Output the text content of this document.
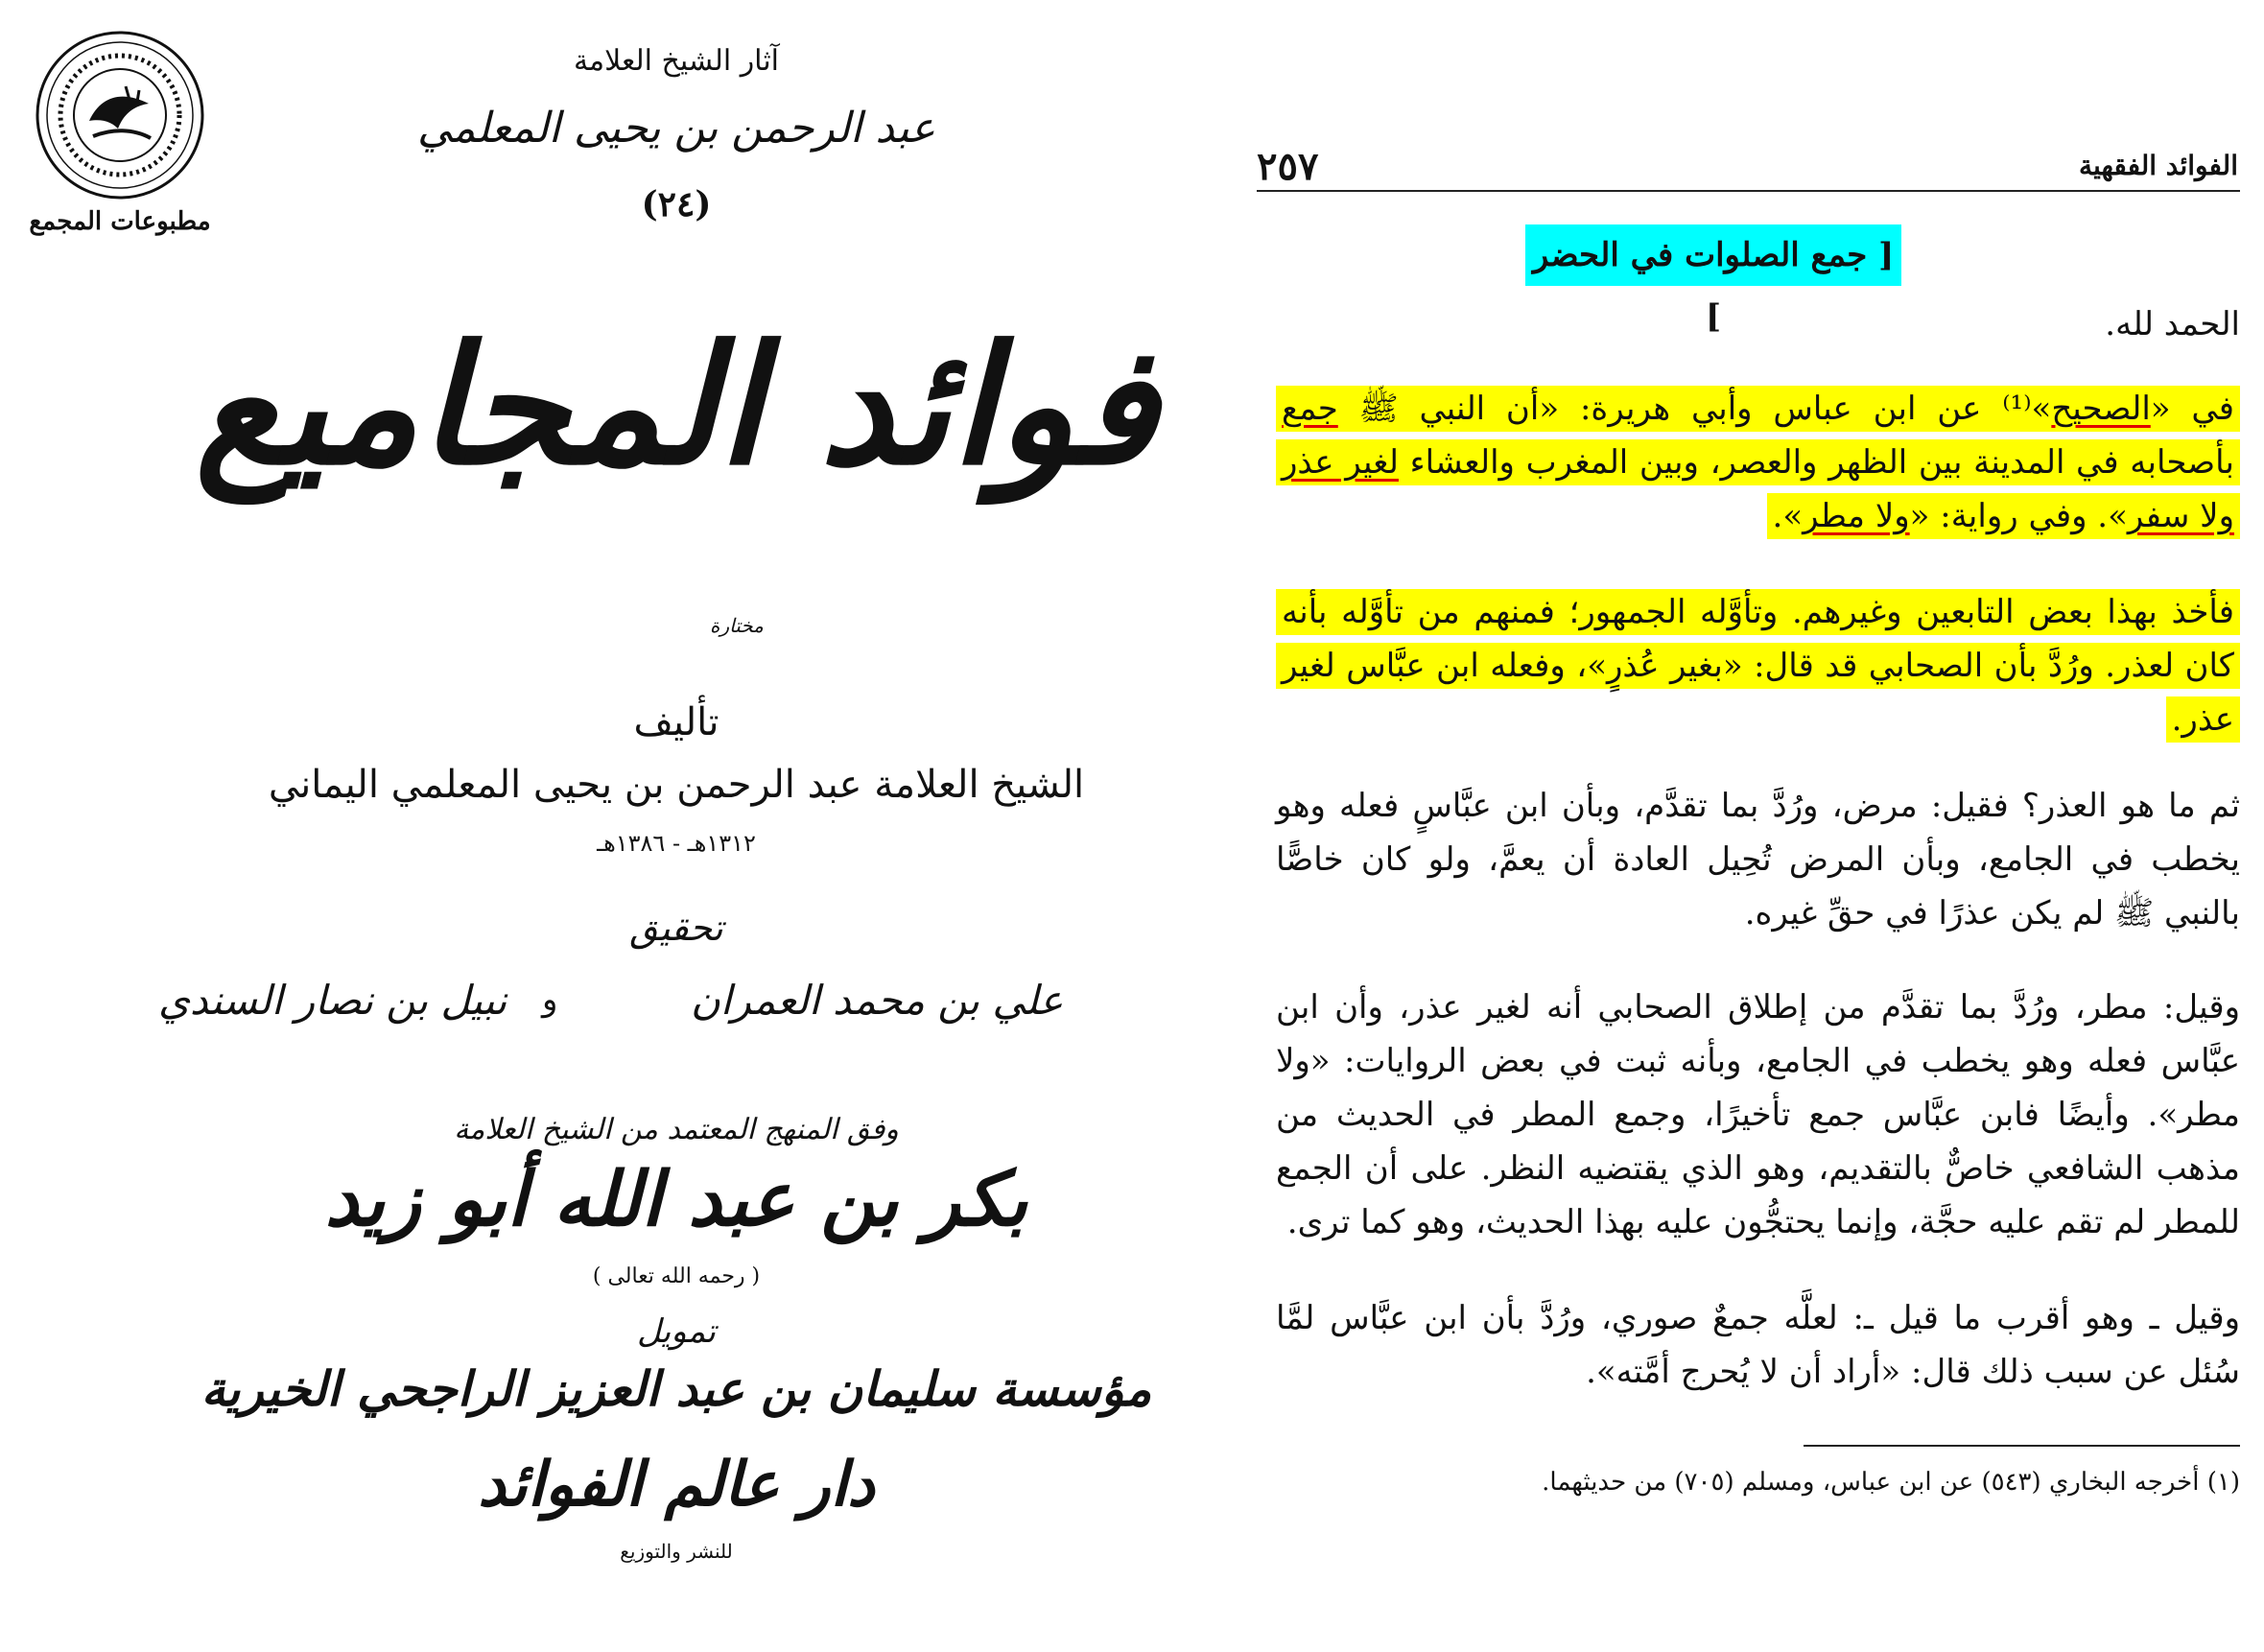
مطبوعات المجمع
آثار الشيخ العلامة
عبد الرحمن بن يحيى المعلمي
(٢٤)
فوائد المجاميع
مختارة
تأليف
الشيخ العلامة عبد الرحمن بن يحيى المعلمي اليماني
١٣١٢هـ - ١٣٨٦هـ
تحقيق
علي بن محمد العمران
و
نبيل بن نصار السندي
وفق المنهج المعتمد من الشيخ العلامة
بكر بن عبد الله أبو زيد
( رحمه الله تعالى )
تمويل
مؤسسة سليمان بن عبد العزيز الراجحي الخيرية
دار عالم الفوائد
للنشر والتوزيع
الفوائد الفقهية
٢٥٧
[ جمع الصلوات في الحضر ]	الحمد لله.
في «الصحيح»⁽¹⁾ عن ابن عباس وأبي هريرة: «أن النبي ﷺ جمع بأصحابه في المدينة بين الظهر والعصر، وبين المغرب والعشاء لغير عذر ولا سفر». وفي رواية: «ولا مطر».
فأخذ بهذا بعض التابعين وغيرهم. وتأوَّله الجمهور؛ فمنهم من تأوَّله بأنه كان لعذر. ورُدَّ بأن الصحابي قد قال: «بغير عُذرٍ»، وفعله ابن عبَّاس لغير عذر.
ثم ما هو العذر؟ فقيل: مرض، ورُدَّ بما تقدَّم، وبأن ابن عبَّاسٍ فعله وهو يخطب في الجامع، وبأن المرض تُحِيل العادة أن يعمَّ، ولو كان خاصًّا بالنبي ﷺ لم يكن عذرًا في حقِّ غيره.
وقيل: مطر، ورُدَّ بما تقدَّم من إطلاق الصحابي أنه لغير عذر، وأن ابن عبَّاس فعله وهو يخطب في الجامع، وبأنه ثبت في بعض الروايات: «ولا مطر». وأيضًا فابن عبَّاس جمع تأخيرًا، وجمع المطر في الحديث من مذهب الشافعي خاصٌّ بالتقديم، وهو الذي يقتضيه النظر. على أن الجمع للمطر لم تقم عليه حجَّة، وإنما يحتجُّون عليه بهذا الحديث، وهو كما ترى.
وقيل ـ وهو أقرب ما قيل ـ: لعلَّه جمعٌ صوري، ورُدَّ بأن ابن عبَّاس لمَّا سُئل عن سبب ذلك قال: «أراد أن لا يُحرج أمَّته».
(١) أخرجه البخاري (٥٤٣) عن ابن عباس، ومسلم (٧٠٥) من حديثهما.
